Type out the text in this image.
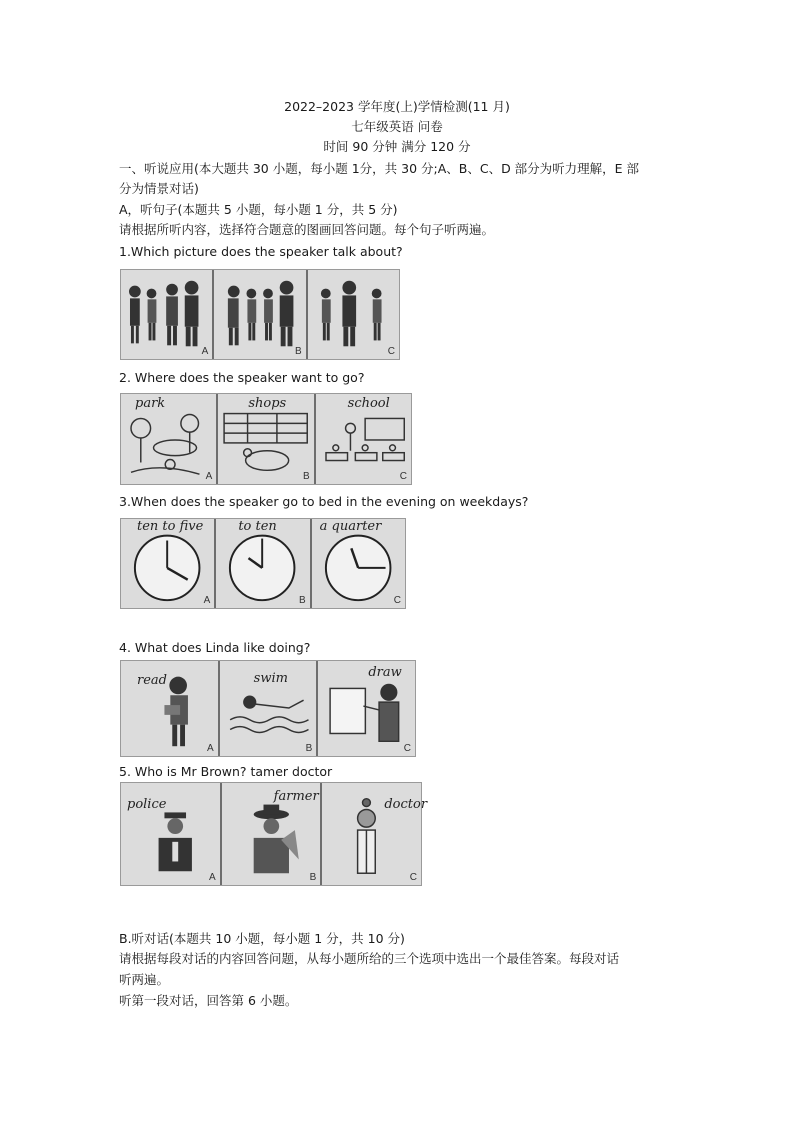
2022–2023 学年度(上)学情检测(11 月)
七年级英语 问卷
时间 90 分钟 满分 120 分
一、听说应用(本大题共 30 小题，每小题 1分，共 30 分;A、B、C、D 部分为听力理解，E 部
分为情景对话)
A，听句子(本题共 5 小题，每小题 1 分，共 5 分)
请根据所听内容，选择符合题意的图画回答问题。每个句子听两遍。
1.Which picture does the speaker talk about?
A	B	C
2. Where does the speaker want to go?
park
A
shops
B
school
C
3.When does the speaker go to bed in the evening on weekdays?
ten to five
A
to ten
B
a quarter
C
4. What does Linda like doing?
read
A
swim
B
draw
C
5. Who is Mr Brown? tamer doctor
police
A
farmer
B
doctor
C
B.听对话(本题共 10 小题，每小题 1 分，共 10 分)
请根据每段对话的内容回答问题，从每小题所给的三个选项中选出一个最佳答案。每段对话
听两遍。
听第一段对话，回答第 6 小题。
